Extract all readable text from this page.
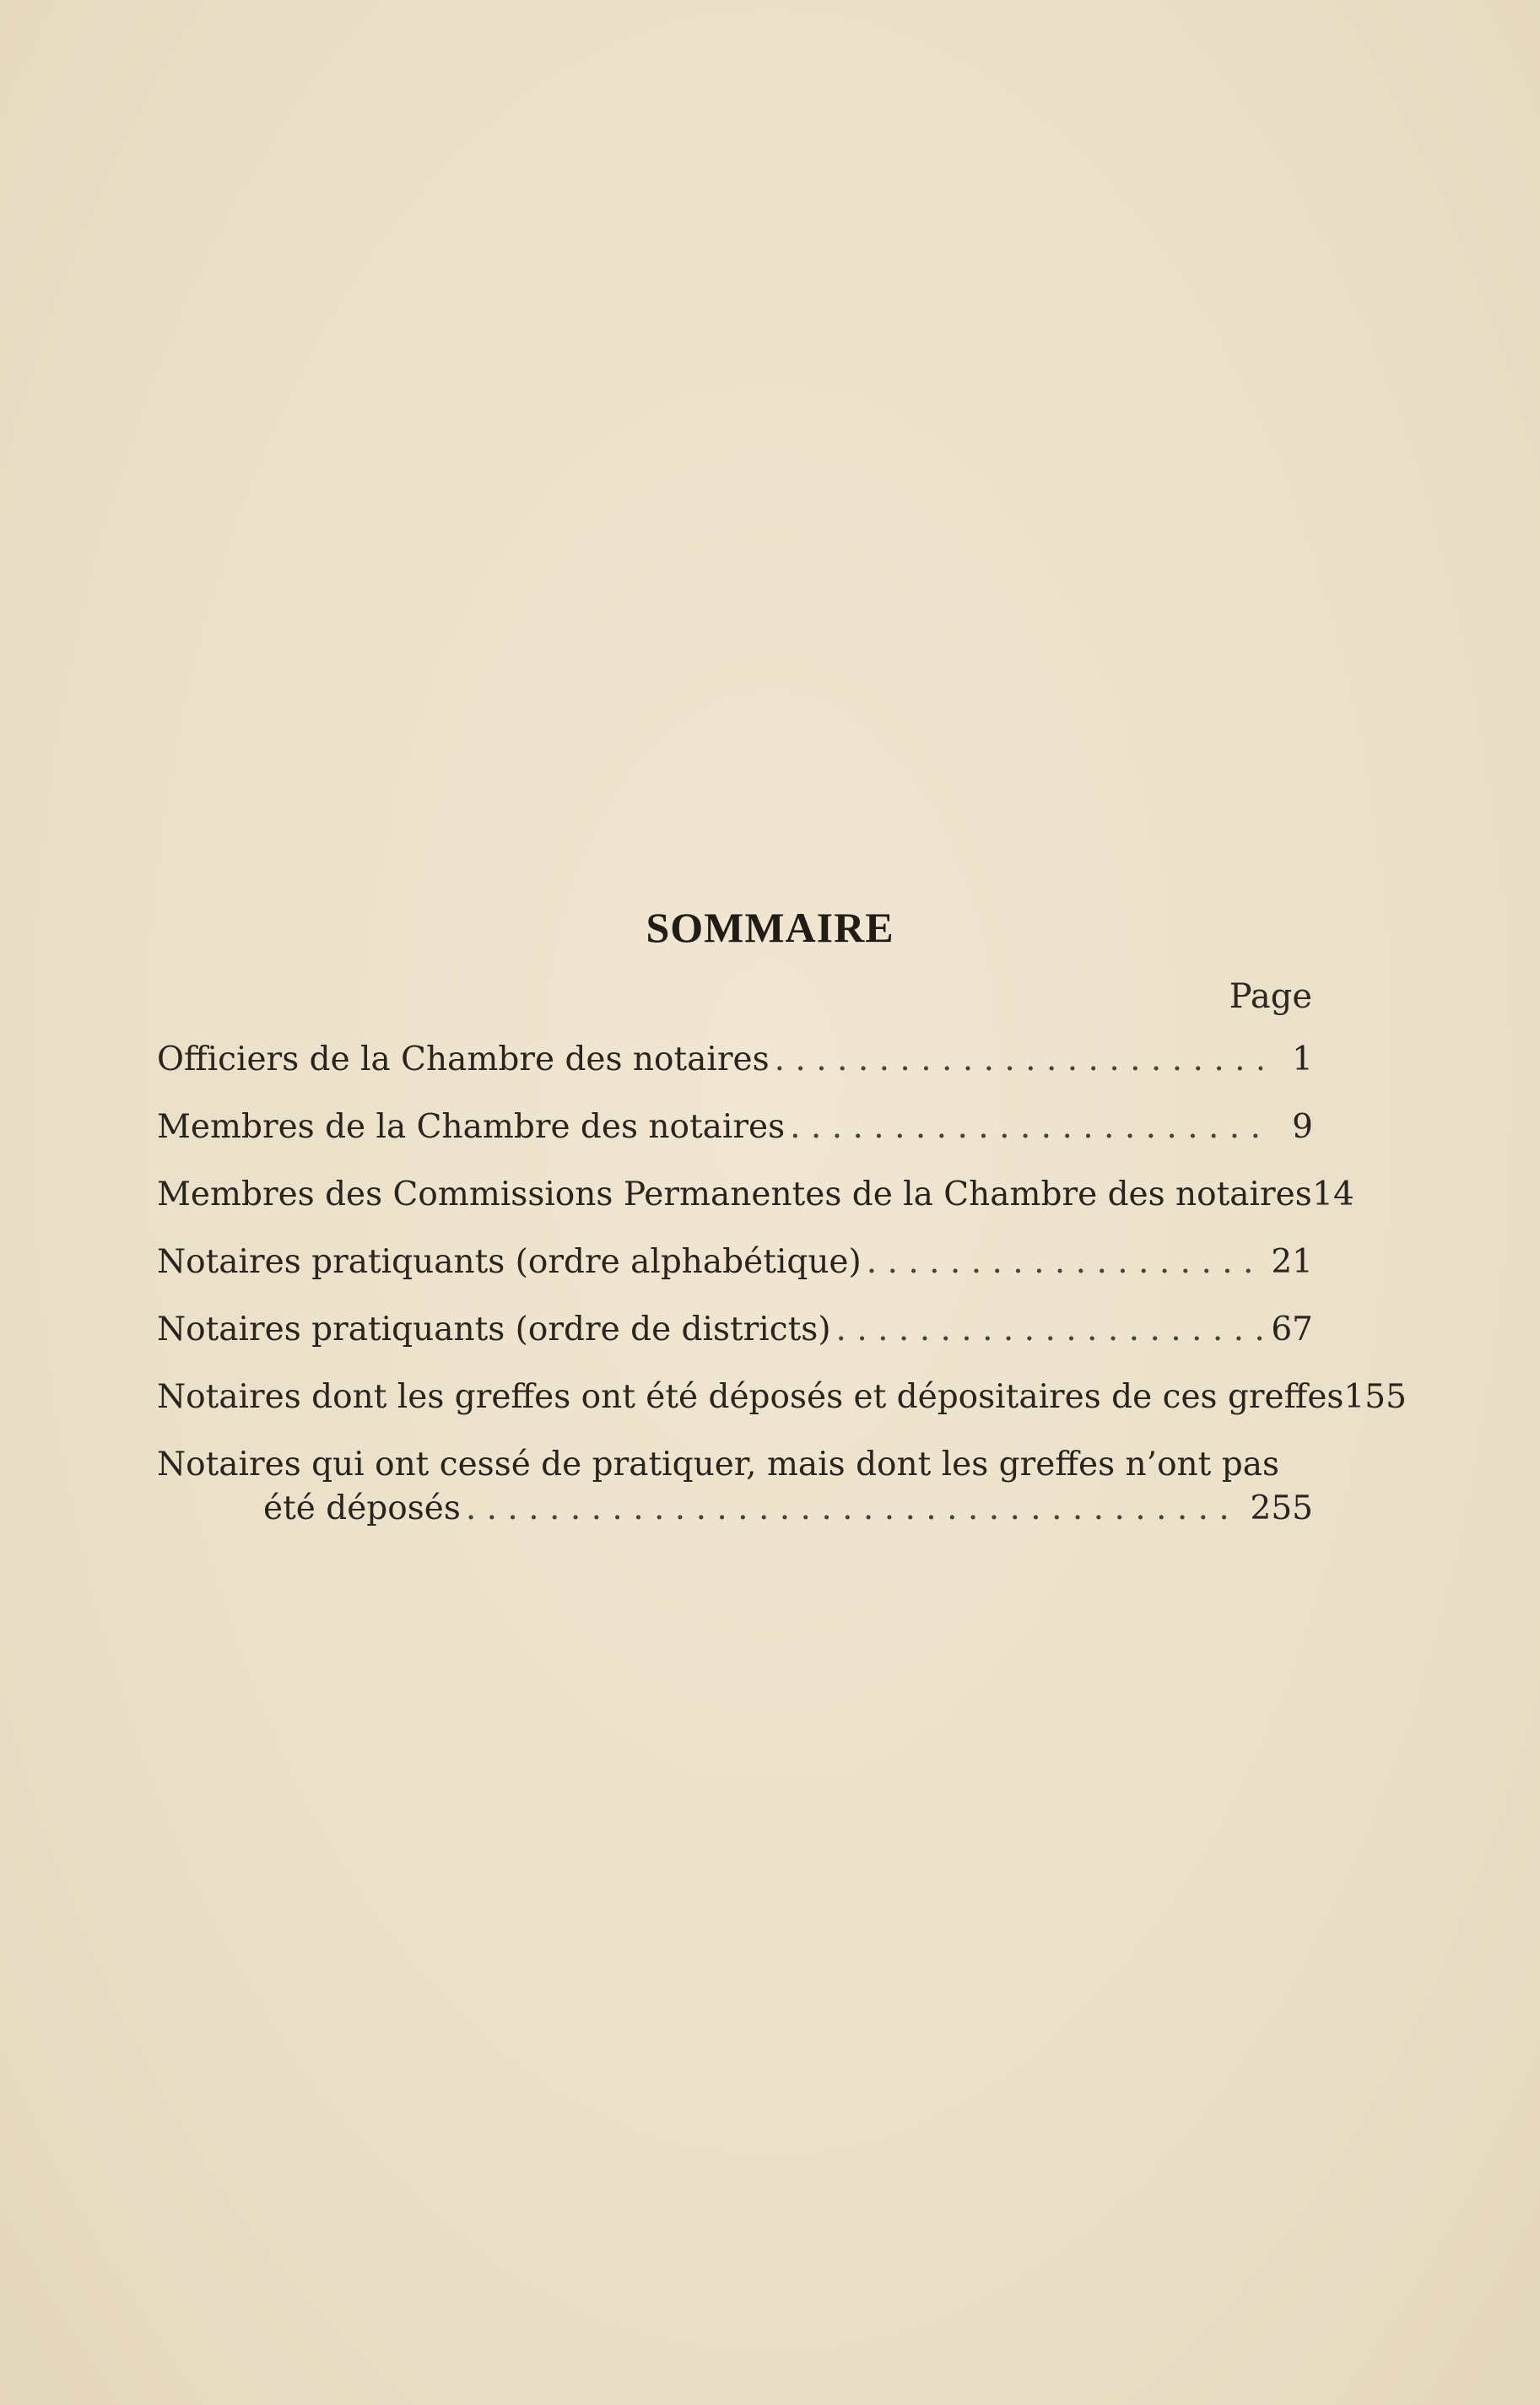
SOMMAIRE
Page
Officiers de la Chambre des notaires . . .	1
Membres de la Chambre des notaires . . .	9
Membres des Commissions Permanentes de la Chambre des notaires 14
Notaires pratiquants (ordre alphabétique) . . .	21
Notaires pratiquants (ordre de districts) . . .	67
Notaires dont les greffes ont été déposés et dépositaires de ces greffes 155
Notaires qui ont cessé de pratiquer, mais dont les greffes n’ont pas
été déposés . . .	255
